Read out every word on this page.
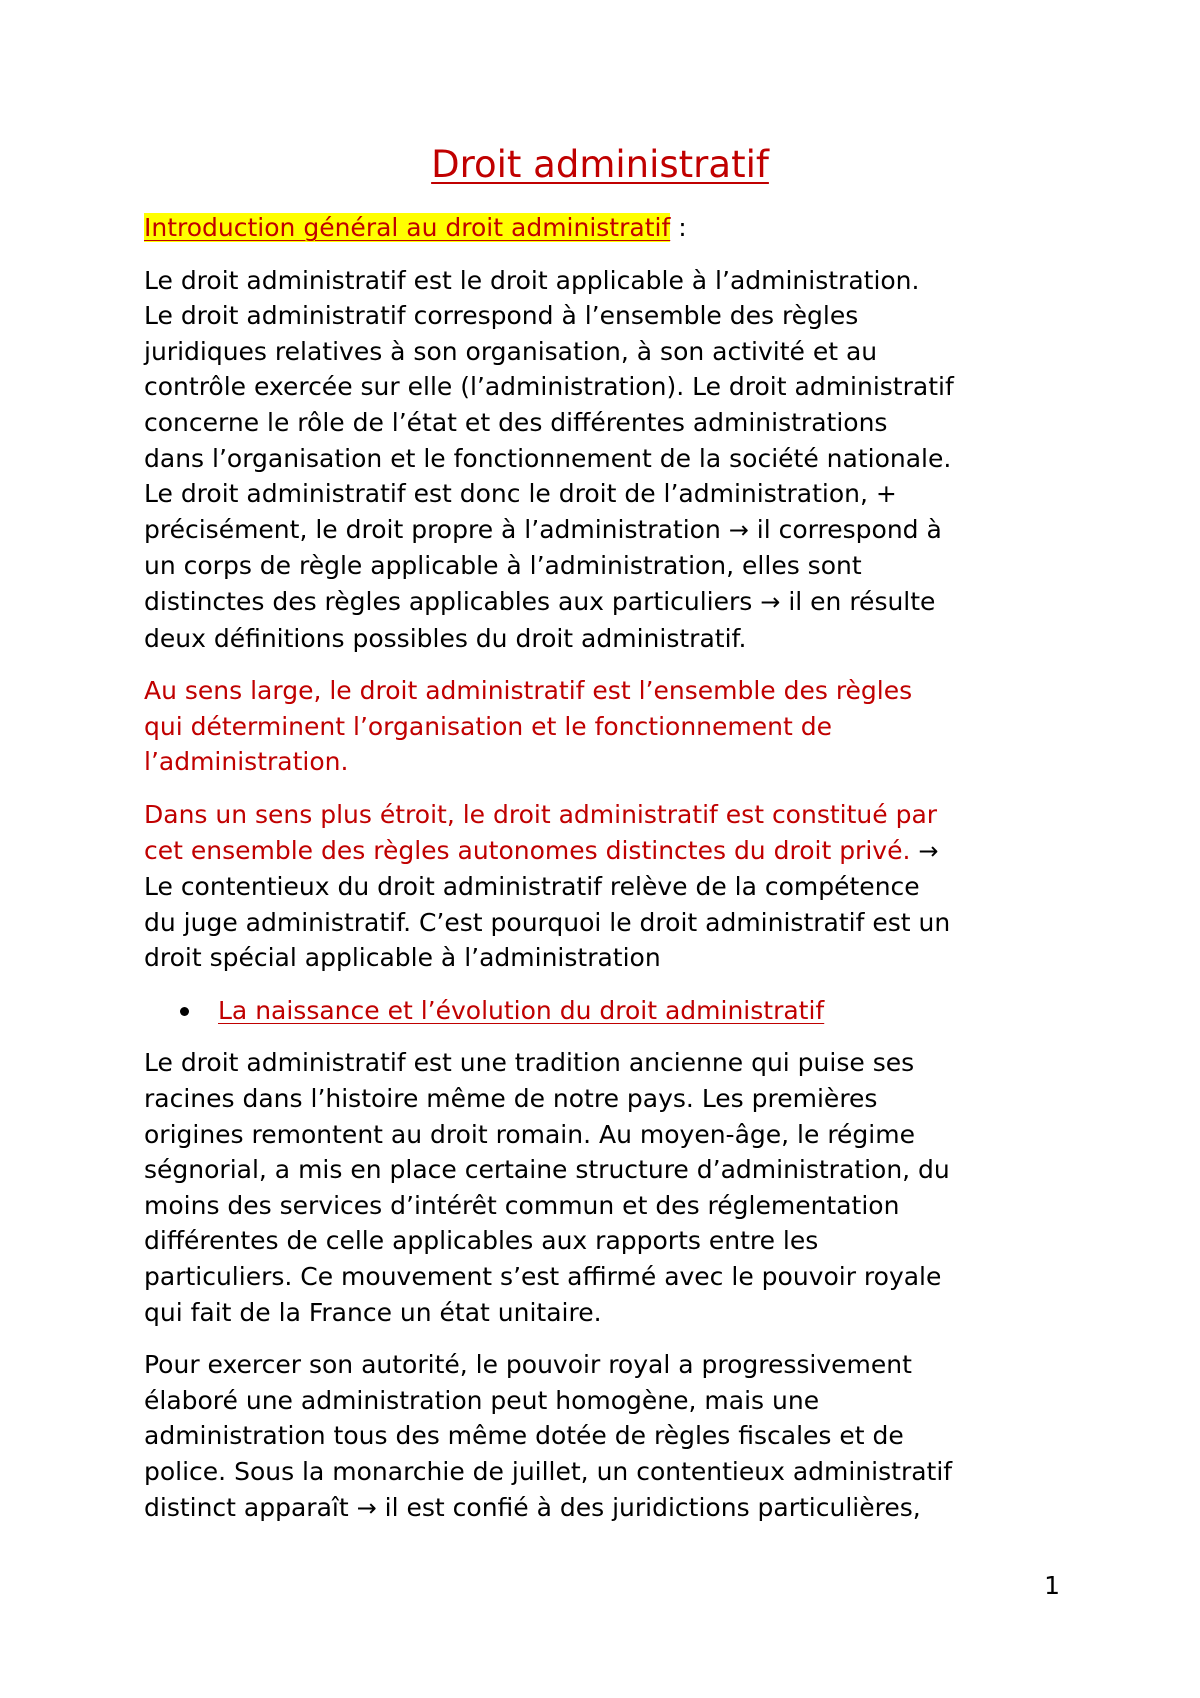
Droit administratif
Introduction général au droit administratif :

Le droit administratif est le droit applicable à l’administration.
Le droit administratif correspond à l’ensemble des règles
juridiques relatives à son organisation, à son activité et au
contrôle exercée sur elle (l’administration). Le droit administratif
concerne le rôle de l’état et des différentes administrations
dans l’organisation et le fonctionnement de la société nationale.
Le droit administratif est donc le droit de l’administration, +
précisément, le droit propre à l’administration → il correspond à
un corps de règle applicable à l’administration, elles sont
distinctes des règles applicables aux particuliers → il en résulte
deux définitions possibles du droit administratif.

Au sens large, le droit administratif est l’ensemble des règles
qui déterminent l’organisation et le fonctionnement de
l’administration.

Dans un sens plus étroit, le droit administratif est constitué par
cet ensemble des règles autonomes distinctes du droit privé. →
Le contentieux du droit administratif relève de la compétence
du juge administratif. C’est pourquoi le droit administratif est un
droit spécial applicable à l’administration

La naissance et l’évolution du droit administratif

Le droit administratif est une tradition ancienne qui puise ses
racines dans l’histoire même de notre pays. Les premières
origines remontent au droit romain. Au moyen-âge, le régime
ségnorial, a mis en place certaine structure d’administration, du
moins des services d’intérêt commun et des réglementation
différentes de celle applicables aux rapports entre les
particuliers. Ce mouvement s’est affirmé avec le pouvoir royale
qui fait de la France un état unitaire.

Pour exercer son autorité, le pouvoir royal a progressivement
élaboré une administration peut homogène, mais une
administration tous des même dotée de règles fiscales et de
police. Sous la monarchie de juillet, un contentieux administratif
distinct apparaît → il est confié à des juridictions particulières,

1
